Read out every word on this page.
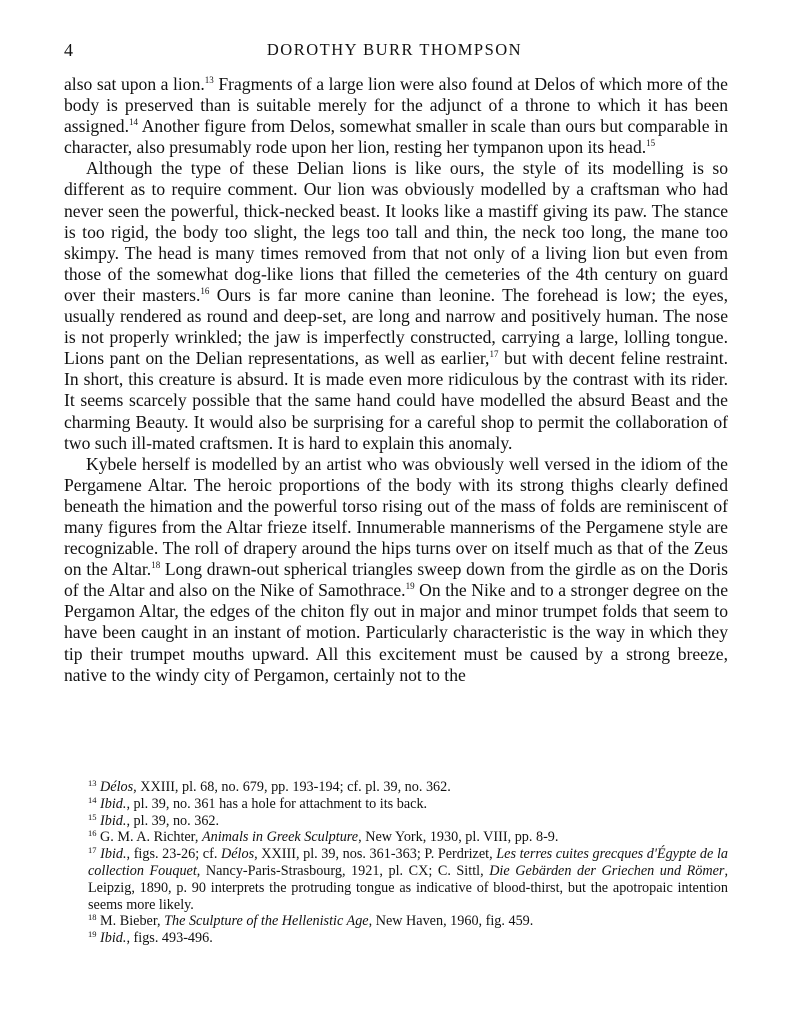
4	DOROTHY BURR THOMPSON

also sat upon a lion.$^{13}$ Fragments of a large lion were also found at Delos of which more of the body is preserved than is suitable merely for the adjunct of a throne to which it has been assigned.$^{14}$ Another figure from Delos, somewhat smaller in scale than ours but comparable in character, also presumably rode upon her lion, resting her tympanon upon its head.$^{15}$

Although the type of these Delian lions is like ours, the style of its modelling is so different as to require comment. Our lion was obviously modelled by a craftsman who had never seen the powerful, thick-necked beast. It looks like a mastiff giving its paw. The stance is too rigid, the body too slight, the legs too tall and thin, the neck too long, the mane too skimpy. The head is many times removed from that not only of a living lion but even from those of the somewhat dog-like lions that filled the cemeteries of the 4th century on guard over their masters.$^{16}$ Ours is far more canine than leonine. The forehead is low; the eyes, usually rendered as round and deep-set, are long and narrow and positively human. The nose is not properly wrinkled; the jaw is imperfectly constructed, carrying a large, lolling tongue. Lions pant on the Delian representations, as well as earlier,$^{17}$ but with decent feline restraint. In short, this creature is absurd. It is made even more ridiculous by the contrast with its rider. It seems scarcely possible that the same hand could have modelled the absurd Beast and the charming Beauty. It would also be surprising for a careful shop to permit the collaboration of two such ill-mated craftsmen. It is hard to explain this anomaly.

Kybele herself is modelled by an artist who was obviously well versed in the idiom of the Pergamene Altar. The heroic proportions of the body with its strong thighs clearly defined beneath the himation and the powerful torso rising out of the mass of folds are reminiscent of many figures from the Altar frieze itself. Innumerable mannerisms of the Pergamene style are recognizable. The roll of drapery around the hips turns over on itself much as that of the Zeus on the Altar.$^{18}$ Long drawn-out spherical triangles sweep down from the girdle as on the Doris of the Altar and also on the Nike of Samothrace.$^{19}$ On the Nike and to a stronger degree on the Pergamon Altar, the edges of the chiton fly out in major and minor trumpet folds that seem to have been caught in an instant of motion. Particularly characteristic is the way in which they tip their trumpet mouths upward. All this excitement must be caused by a strong breeze, native to the windy city of Pergamon, certainly not to the

$^{13}$ Délos, XXIII, pl. 68, no. 679, pp. 193-194; cf. pl. 39, no. 362.

$^{14}$ Ibid., pl. 39, no. 361 has a hole for attachment to its back.

$^{15}$ Ibid., pl. 39, no. 362.

$^{16}$ G. M. A. Richter, Animals in Greek Sculpture, New York, 1930, pl. VIII, pp. 8-9.

$^{17}$ Ibid., figs. 23-26; cf. Délos, XXIII, pl. 39, nos. 361-363; P. Perdrizet, Les terres cuites grecques d'Égypte de la collection Fouquet, Nancy-Paris-Strasbourg, 1921, pl. CX; C. Sittl, Die Gebärden der Griechen und Römer, Leipzig, 1890, p. 90 interprets the protruding tongue as indicative of blood-thirst, but the apotropaic intention seems more likely.

$^{18}$ M. Bieber, The Sculpture of the Hellenistic Age, New Haven, 1960, fig. 459.

$^{19}$ Ibid., figs. 493-496.
